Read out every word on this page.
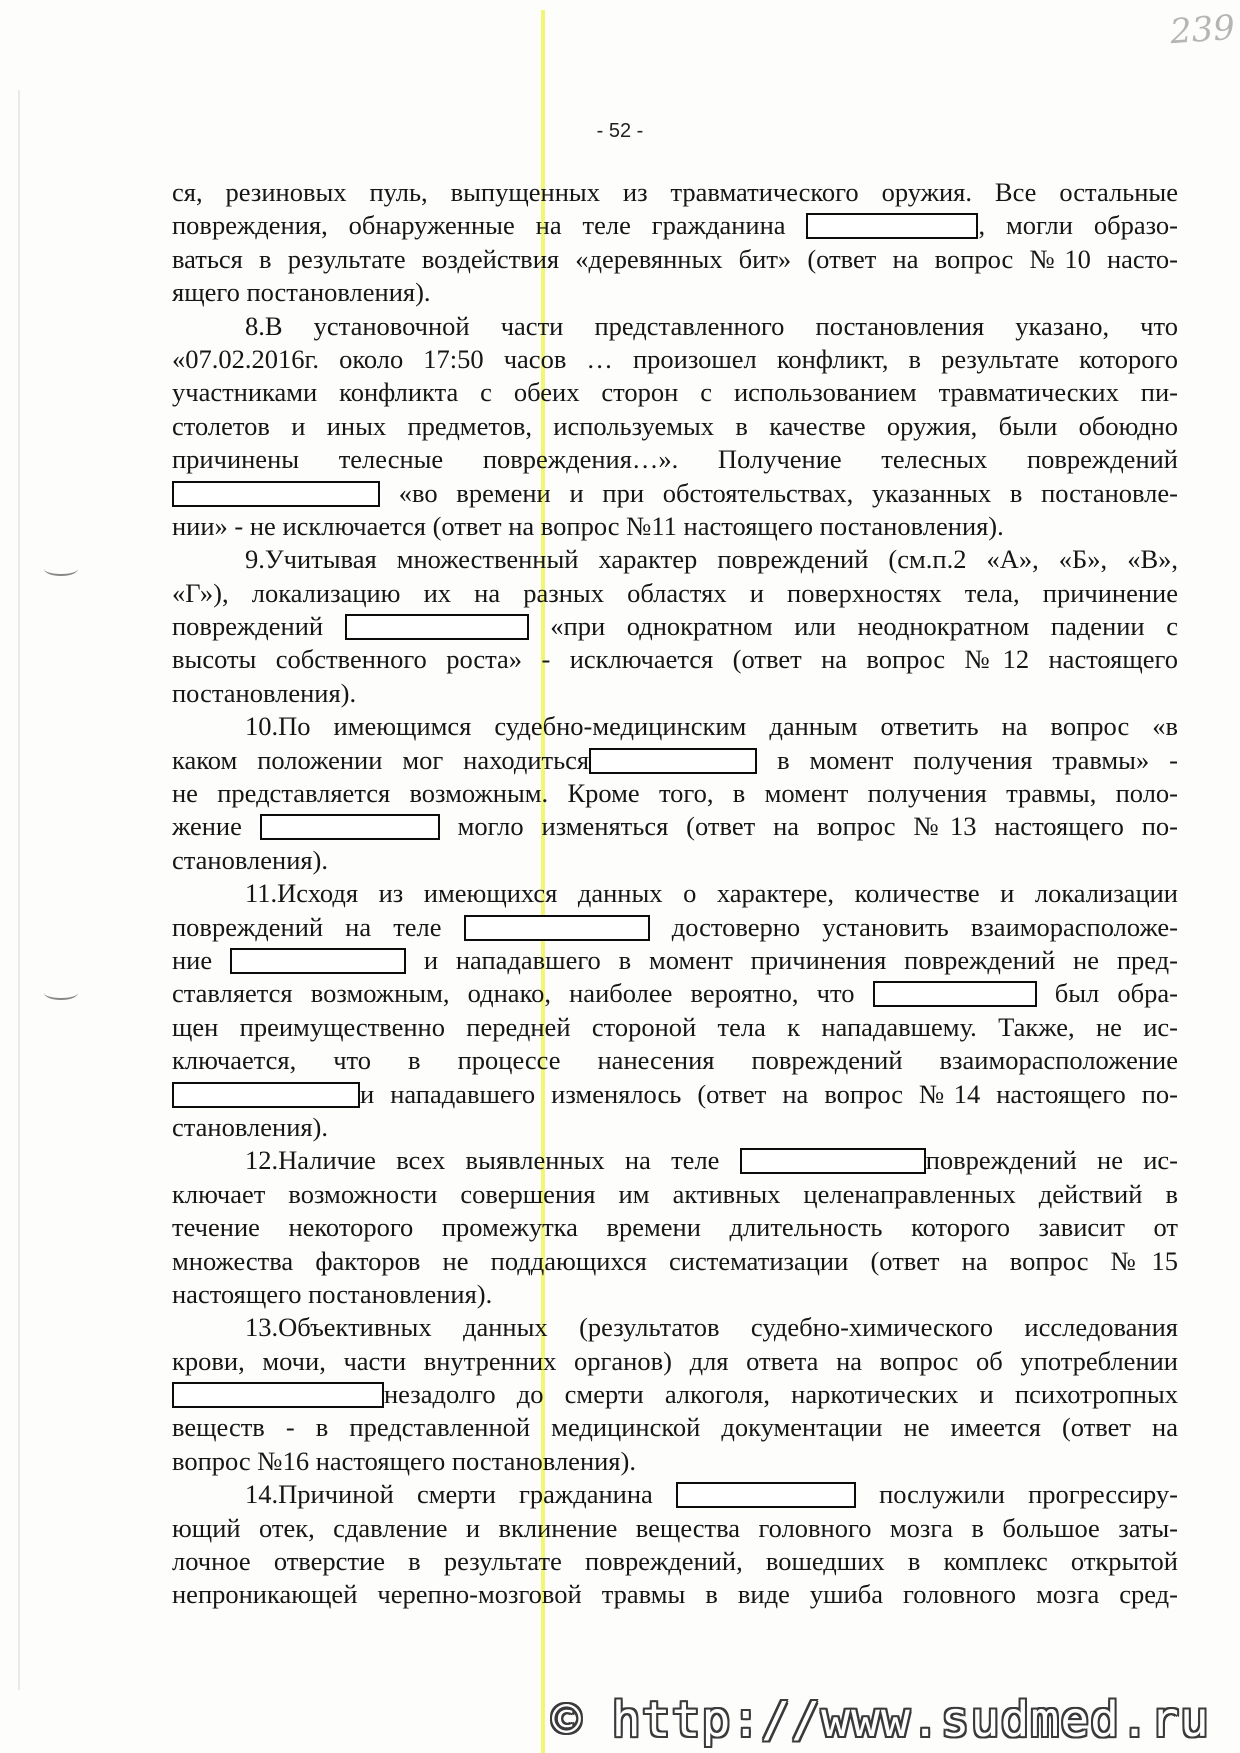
239
- 52 -
ся, резиновых пуль, выпущенных из травматического оружия. Все остальные
повреждения, обнаруженные на теле гражданина	, могли образо-
ваться в результате воздействия «деревянных бит» (ответ на вопрос №10 насто-
ящего постановления).
8.В установочной части представленного постановления указано, что
«07.02.2016г. около 17:50 часов … произошел конфликт, в результате которого
участниками конфликта с обеих сторон с использованием травматических пи-
столетов и иных предметов, используемых в качестве оружия, были обоюдно
причинены телесные повреждения…». Получение телесных повреждений
«во времени и при обстоятельствах, указанных в постановле-
нии» - не исключается (ответ на вопрос №11 настоящего постановления).
9.Учитывая множественный характер повреждений (см.п.2 «А», «Б», «В»,
«Г»), локализацию их на разных областях и поверхностях тела, причинение
повреждений	«при однократном или неоднократном падении с
высоты собственного роста» - исключается (ответ на вопрос №12 настоящего
постановления).
10.По имеющимся судебно-медицинским данным ответить на вопрос «в
каком положении мог находиться	в момент получения травмы» -
не представляется возможным. Кроме того, в момент получения травмы, поло-
жение	могло изменяться (ответ на вопрос №13 настоящего по-
становления).
11.Исходя из имеющихся данных о характере, количестве и локализации
повреждений на теле	достоверно установить взаиморасположе-
ние	и нападавшего в момент причинения повреждений не пред-
ставляется возможным, однако, наиболее вероятно, что	был обра-
щен преимущественно передней стороной тела к нападавшему. Также, не ис-
ключается, что в процессе нанесения повреждений взаиморасположение
и нападавшего изменялось (ответ на вопрос №14 настоящего по-
становления).
12.Наличие всех выявленных на теле	повреждений не ис-
ключает возможности совершения им активных целенаправленных действий в
течение некоторого промежутка времени длительность которого зависит от
множества факторов не поддающихся систематизации (ответ на вопрос №15
настоящего постановления).
13.Объективных данных (результатов судебно-химического исследования
крови, мочи, части внутренних органов) для ответа на вопрос об употреблении
незадолго до смерти алкоголя, наркотических и психотропных
веществ - в представленной медицинской документации не имеется (ответ на
вопрос №16 настоящего постановления).
14.Причиной смерти гражданина	послужили прогрессиру-
ющий отек, сдавление и вклинение вещества головного мозга в большое заты-
лочное отверстие в результате повреждений, вошедших в комплекс открытой
непроникающей черепно-мозговой травмы в виде ушиба головного мозга сред-
© http://www.sudmed.ru
